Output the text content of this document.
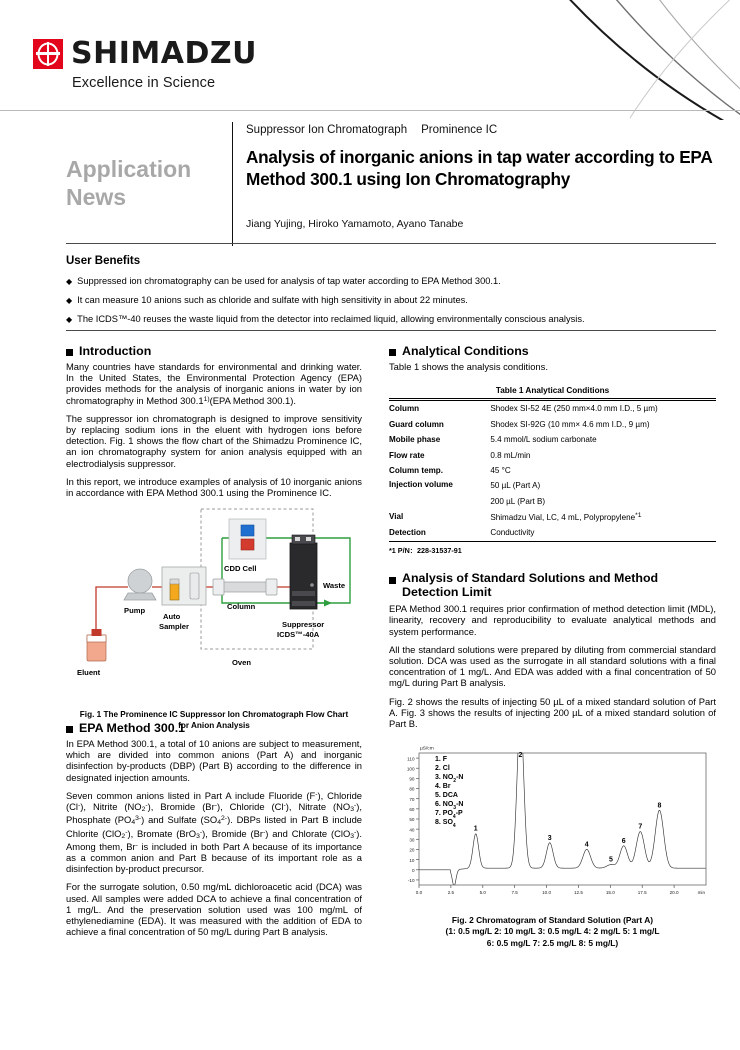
SHIMADZU
Excellence in Science
Application
News
Suppressor Ion Chromatograph Prominence IC
Analysis of inorganic anions in tap water according to EPA Method 300.1 using Ion Chromatography
Jiang Yujing, Hiroko Yamamoto, Ayano Tanabe
User Benefits
◆ Suppressed ion chromatography can be used for analysis of tap water according to EPA Method 300.1.
◆ It can measure 10 anions such as chloride and sulfate with high sensitivity in about 22 minutes.
◆ The ICDS™-40 reuses the waste liquid from the detector into reclaimed liquid, allowing environmentally conscious analysis.
Introduction

Many countries have standards for environmental and drinking water. In the United States, the Environmental Protection Agency (EPA) provides methods for the analysis of inorganic anions in water by ion chromatography in Method 300.1$^{1)}$(EPA Method 300.1).

The suppressor ion chromatograph is designed to improve sensitivity by replacing sodium ions in the eluent with hydrogen ions before detection. Fig. 1 shows the flow chart of the Shimadzu Prominence IC, an ion chromatography system for anion analysis equipped with an electrodialysis suppressor.

In this report, we introduce examples of analysis of 10 inorganic anions in accordance with EPA Method 300.1 using the Prominence IC.

Eluent
Pump
Auto
Sampler
Column
Oven
CDD Cell
Suppressor
ICDS™-40A
Waste
Fig. 1 The Prominence IC Suppressor Ion Chromatograph Flow Chart
for Anion Analysis
EPA Method 300.1

In EPA Method 300.1, a total of 10 anions are subject to measurement, which are divided into common anions (Part A) and inorganic disinfection by-products (DBP) (Part B) according to the difference in designated injection amounts.

Seven common anions listed in Part A include Fluoride (F-), Chloride (Cl-), Nitrite $(NO_2^-)$, Bromide (Br-), Chloride (Cl-), Nitrate $(NO_3^-)$, Phosphate $(PO_4^{3-})$ and Sulfate $(SO_4^{2-})$. DBPs listed in Part B include Chlorite (ClO$_2$-), Bromate (BrO$_3$-), Bromide (Br-) and Chlorate (ClO$_3$-). Among them, Br- is included in both Part A because of its importance as a common anion and Part B because of its important role as a disinfection by-product precursor.

For the surrogate solution, 0.50 mg/mL dichloroacetic acid (DCA) was used. All samples were added DCA to achieve a final concentration of 1 mg/L. And the preservation solution used was 100 mg/mL of ethylenediamine (EDA). It was measured with the addition of EDA to achieve a final concentration of 50 mg/L during Part B analysis.

Analytical Conditions

Table 1 shows the analysis conditions.

Table 1 Analytical Conditions

Column	Shodex SI-52 4E (250 mm×4.0 mm I.D., 5 µm)
Guard column	Shodex SI-92G (10 mm× 4.6 mm I.D., 9 µm)
Mobile phase	5.4 mmol/L sodium carbonate
Flow rate	0.8 mL/min
Column temp.	45 °C
Injection volume	50 µL (Part A)
	200 µL (Part B)
Vial	Shimadzu Vial, LC, 4 mL, Polypropylene$^{*1}$
Detection	Conductivity
*1 P/N：228-31537-91
Analysis of Standard Solutions and Method
Detection Limit

EPA Method 300.1 requires prior confirmation of method detection limit (MDL), linearity, recovery and reproducibility to evaluate analytical methods and system performance.

All the standard solutions were prepared by diluting from commercial standard solution. DCA was used as the surrogate in all standard solutions with a final concentration of 1 mg/L. And EDA was added with a final concentration of 50 mg/L during Part B analysis.

Fig. 2 shows the results of injecting 50 µL of a mixed standard solution of Part A. Fig. 3 shows the results of injecting 200 µL of a mixed standard solution of Part B.

110
100
90
80
70
60
50
40
30
20
10
0
-10
µS/cm
0.0	2.5	5.0	7.5	10.0	12.5	15.0	17.5	20.0	min
1
2
3
4
5
6
7
8
1. F
2. Cl
3. $NO_2-N$
4. Br
5. DCA
6. $NO_3-N$
7. $PO_4-P$
8. $SO_4$
Fig. 2 Chromatogram of Standard Solution (Part A)
(1: 0.5 mg/L 2: 10 mg/L 3: 0.5 mg/L 4: 2 mg/L 5: 1 mg/L
6: 0.5 mg/L 7: 2.5 mg/L 8: 5 mg/L)
